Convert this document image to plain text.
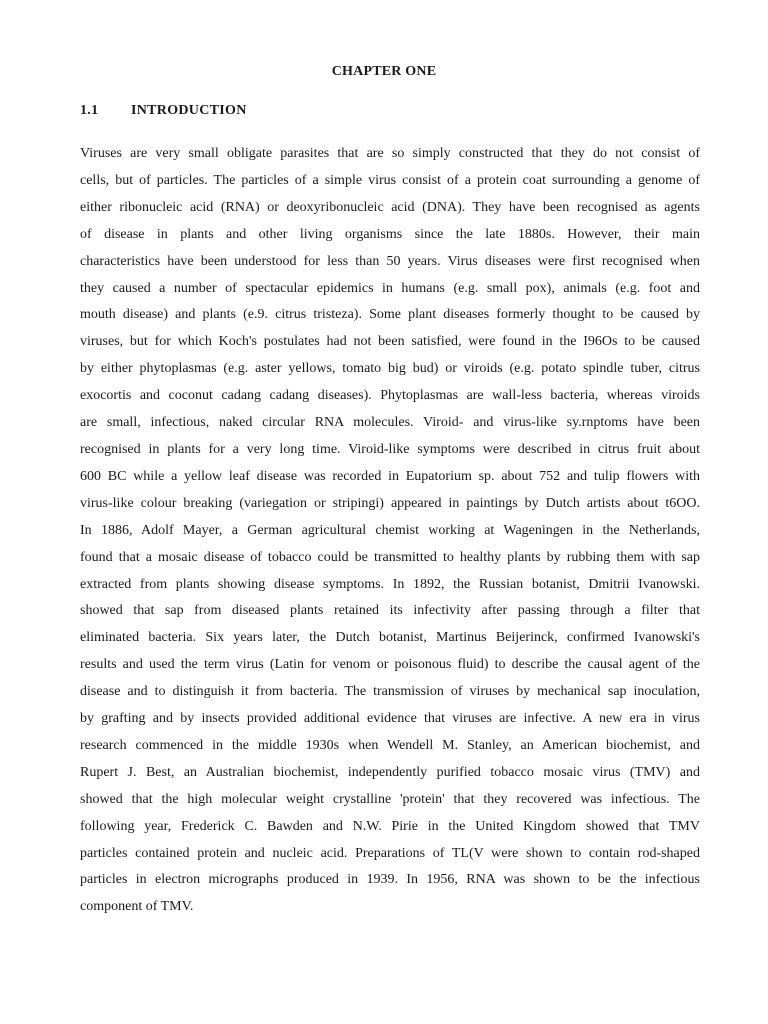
CHAPTER ONE
1.1 INTRODUCTION

Viruses are very small obligate parasites that are so simply constructed that they do not consist of
cells, but of particles. The particles of a simple virus consist of a protein coat surrounding a genome of
either ribonucleic acid (RNA) or deoxyribonucleic acid (DNA). They have been recognised as agents
of disease in plants and other living organisms since the late 1880s. However, their main
characteristics have been understood for less than 50 years. Virus diseases were first recognised when
they caused a number of spectacular epidemics in humans (e.g. small pox), animals (e.g. foot and
mouth disease) and plants (e.9. citrus tristeza). Some plant diseases formerly thought to be caused by
viruses, but for which Koch's postulates had not been satisfied, were found in the I96Os to be caused
by either phytoplasmas (e.g. aster yellows, tomato big bud) or viroids (e.g. potato spindle tuber, citrus
exocortis and coconut cadang cadang diseases). Phytoplasmas are wall-less bacteria, whereas viroids
are small, infectious, naked circular RNA molecules. Viroid- and virus-like sy.rnptoms have been
recognised in plants for a very long time. Viroid-like symptoms were described in citrus fruit about
600 BC while a yellow leaf disease was recorded in Eupatorium sp. about 752 and tulip flowers with
virus-like colour breaking (variegation or stripingi) appeared in paintings by Dutch artists about t6OO.
In 1886, Adolf Mayer, a German agricultural chemist working at Wageningen in the Netherlands,
found that a mosaic disease of tobacco could be transmitted to healthy plants by rubbing them with sap
extracted from plants showing disease symptoms. In 1892, the Russian botanist, Dmitrii Ivanowski.
showed that sap from diseased plants retained its infectivity after passing through a filter that
eliminated bacteria. Six years later, the Dutch botanist, Martinus Beijerinck, confirmed Ivanowski's
results and used the term virus (Latin for venom or poisonous fluid) to describe the causal agent of the
disease and to distinguish it from bacteria. The transmission of viruses by mechanical sap inoculation,
by grafting and by insects provided additional evidence that viruses are infective. A new era in virus
research commenced in the middle 1930s when Wendell M. Stanley, an American biochemist, and
Rupert J. Best, an Australian biochemist, independently purified tobacco mosaic virus (TMV) and
showed that the high molecular weight crystalline 'protein' that they recovered was infectious. The
following year, Frederick C. Bawden and N.W. Pirie in the United Kingdom showed that TMV
particles contained protein and nucleic acid. Preparations of TL(V were shown to contain rod-shaped
particles in electron micrographs produced in 1939. In 1956, RNA was shown to be the infectious
component of TMV.
